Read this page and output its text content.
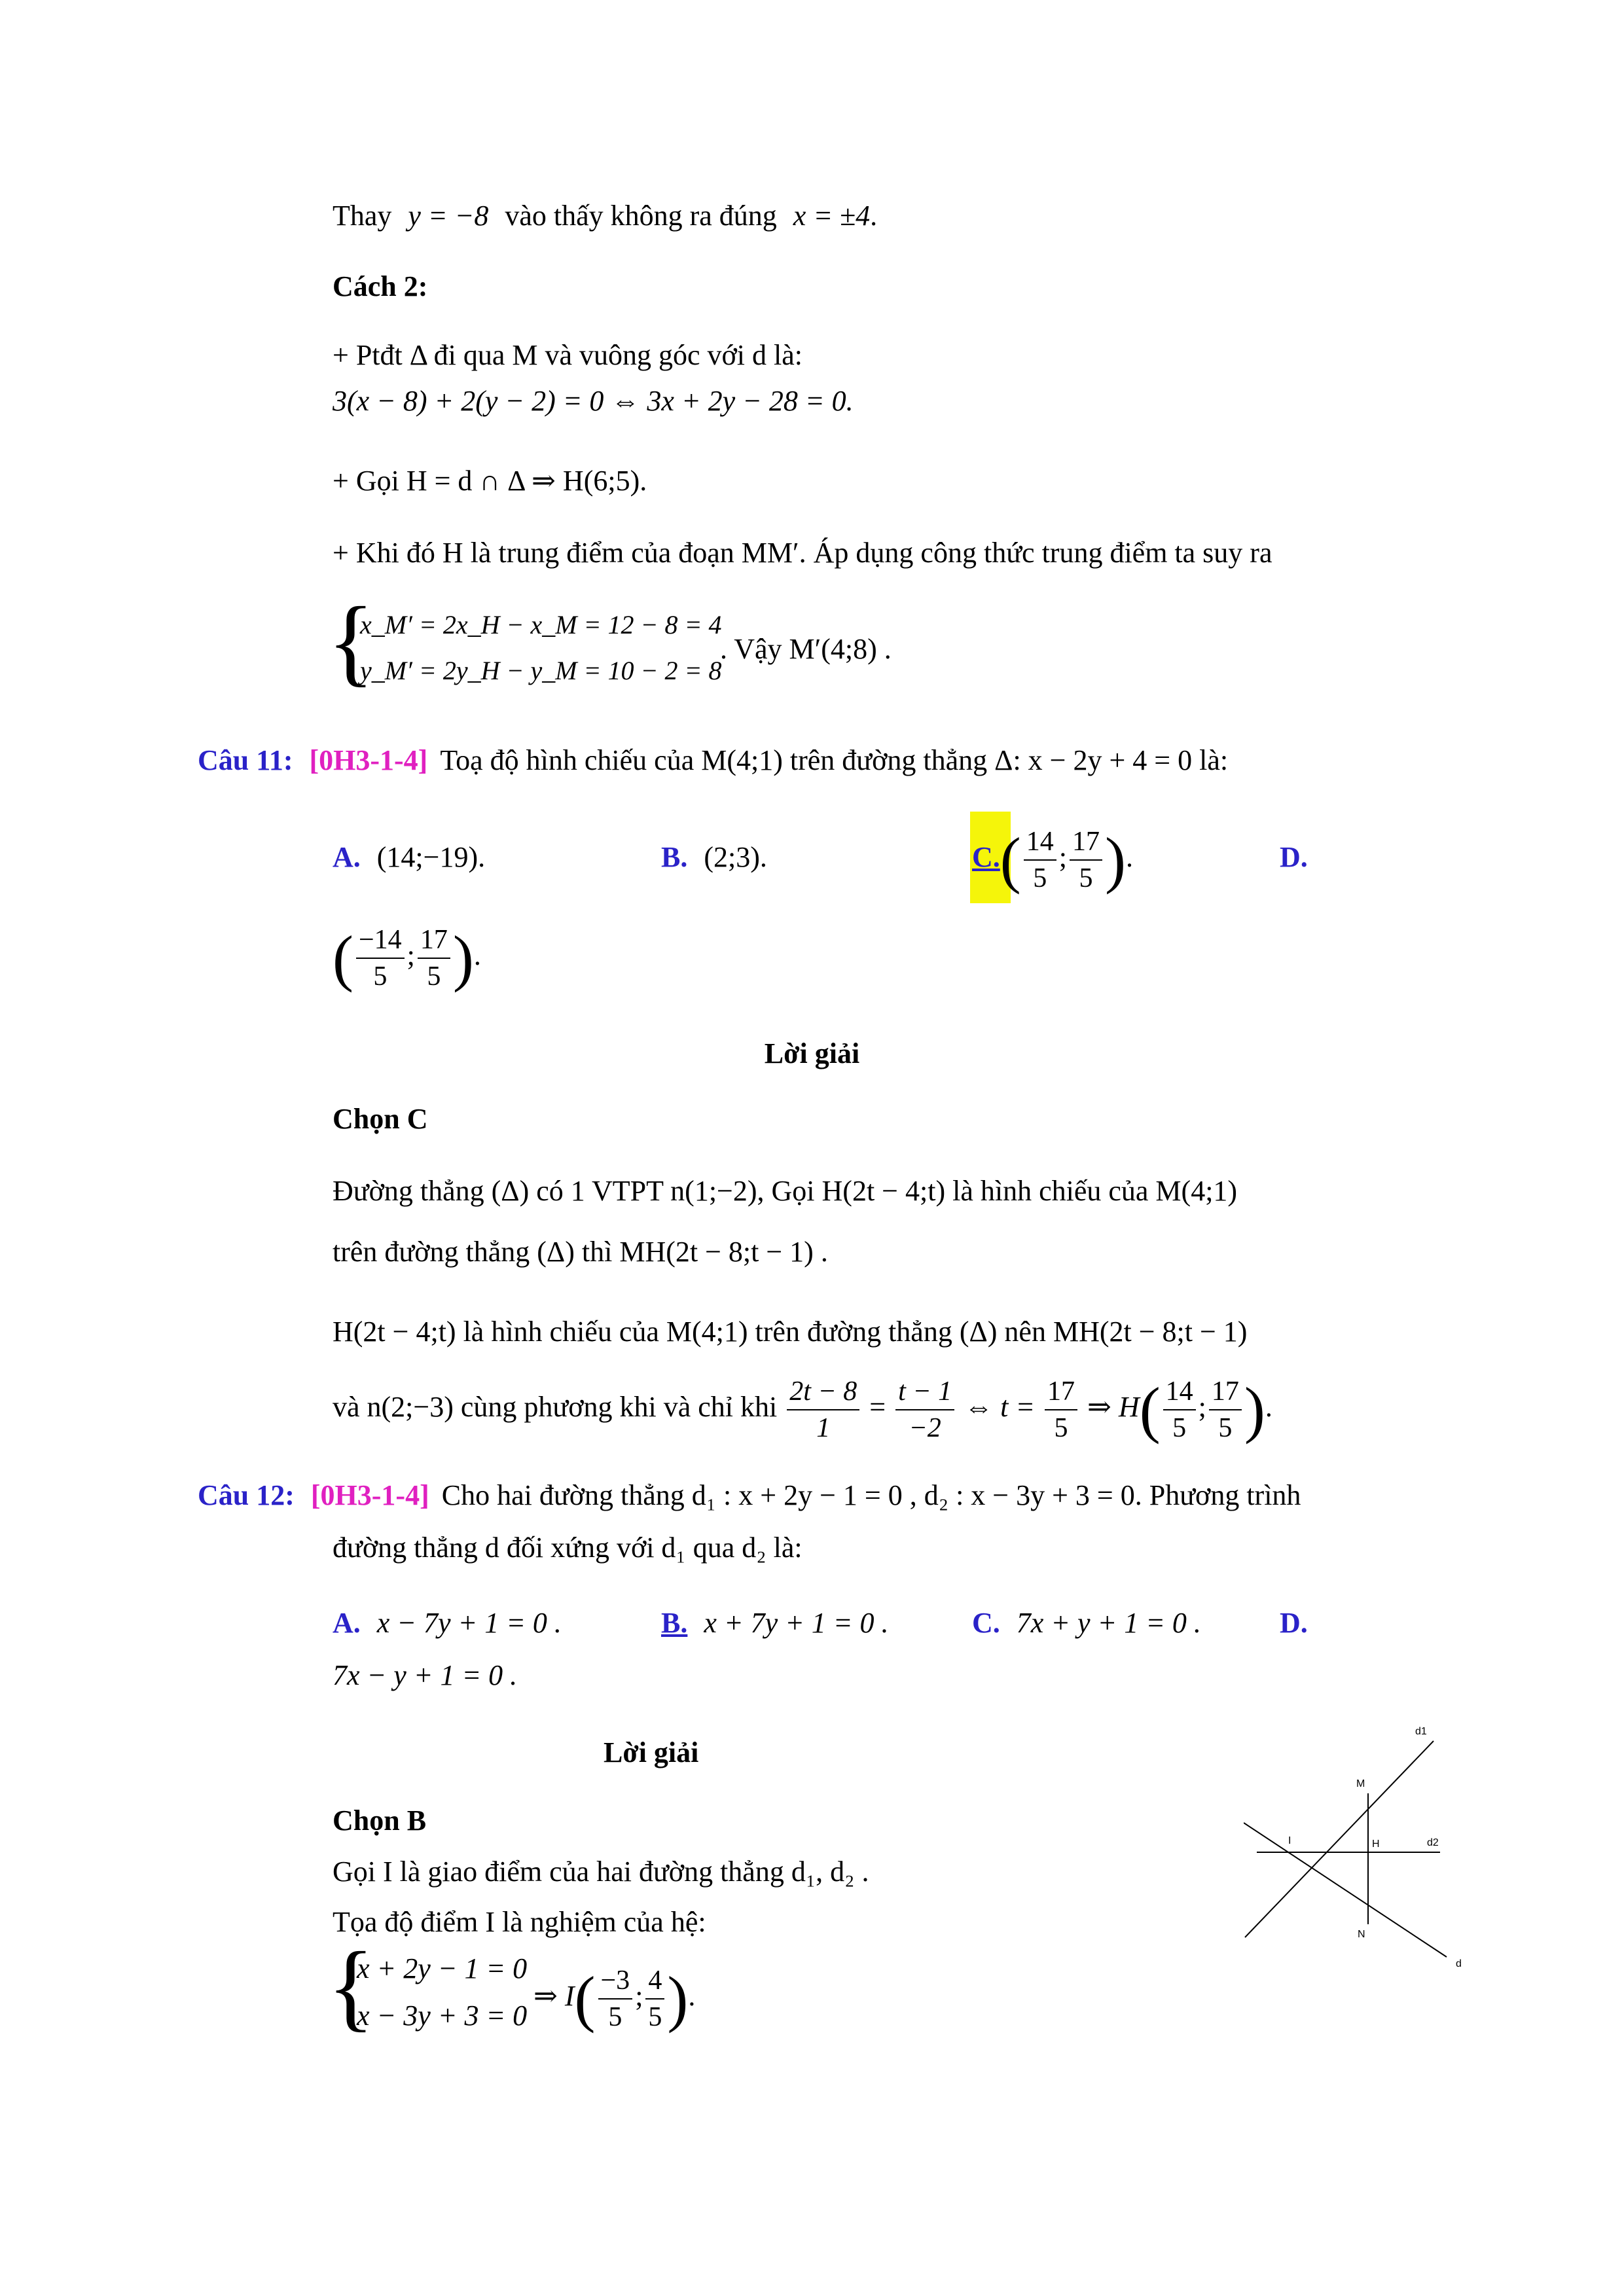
Thay y = −8 vào thấy không ra đúng x = ±4.
Cách 2:
+ Ptđt Δ đi qua M và vuông góc với d là:
3(x − 8) + 2(y − 2) = 0 ⇔ 3x + 2y − 28 = 0.
+ Gọi H = d ∩ Δ ⇒ H(6;5).
+ Khi đó H là trung điểm của đoạn MM′. Áp dụng công thức trung điểm ta suy ra
{
x_M′ = 2x_H − x_M = 12 − 8 = 4
y_M′ = 2y_H − y_M = 10 − 2 = 8
. Vậy M′(4;8) .
Câu 11: [0H3-1-4] Toạ độ hình chiếu của M(4;1) trên đường thẳng Δ: x − 2y + 4 = 0 là:
A. (14;−19).	B. (2;3).	$C.( \frac{14}{5}$ ; $\frac{17}{5}$ ).	D.
( $\frac{-14}{5}$ ; $\frac{17}{5}$ ).
Lời giải
Chọn C
Đường thẳng (Δ) có 1 VTPT n(1;−2), Gọi H(2t − 4;t) là hình chiếu của M(4;1)
trên đường thẳng (Δ) thì MH(2t − 8;t − 1) .
H(2t − 4;t) là hình chiếu của M(4;1) trên đường thẳng (Δ) nên MH(2t − 8;t − 1)
và n(2;−3) cùng phương khi và chỉ khi $\frac{2t - 8}{1} = \frac{t - 1}{-2}$ ⇔ $t = \frac{17}{5}$ ⇒ $H( \frac{14}{5}$ ; $\frac{17}{5}$ ).
Câu 12: [0H3-1-4] Cho hai đường thẳng d₁ : x + 2y − 1 = 0 , d₂ : x − 3y + 3 = 0. Phương trình
đường thẳng d đối xứng với d₁ qua d₂ là:
A. x − 7y + 1 = 0 .	B. x + 7y + 1 = 0 .	C. 7x + y + 1 = 0 .	D.
7x − y + 1 = 0 .
Lời giải
Chọn B
Gọi I là giao điểm của hai đường thẳng d₁, d₂ .
Tọa độ điểm I là nghiệm của hệ:
{
x + 2y − 1 = 0
x − 3y + 3 = 0
⇒ $I( \frac{-3}{5}$ ; $\frac{4}{5}$ ).
d1
M
I	H	d2
N
d
